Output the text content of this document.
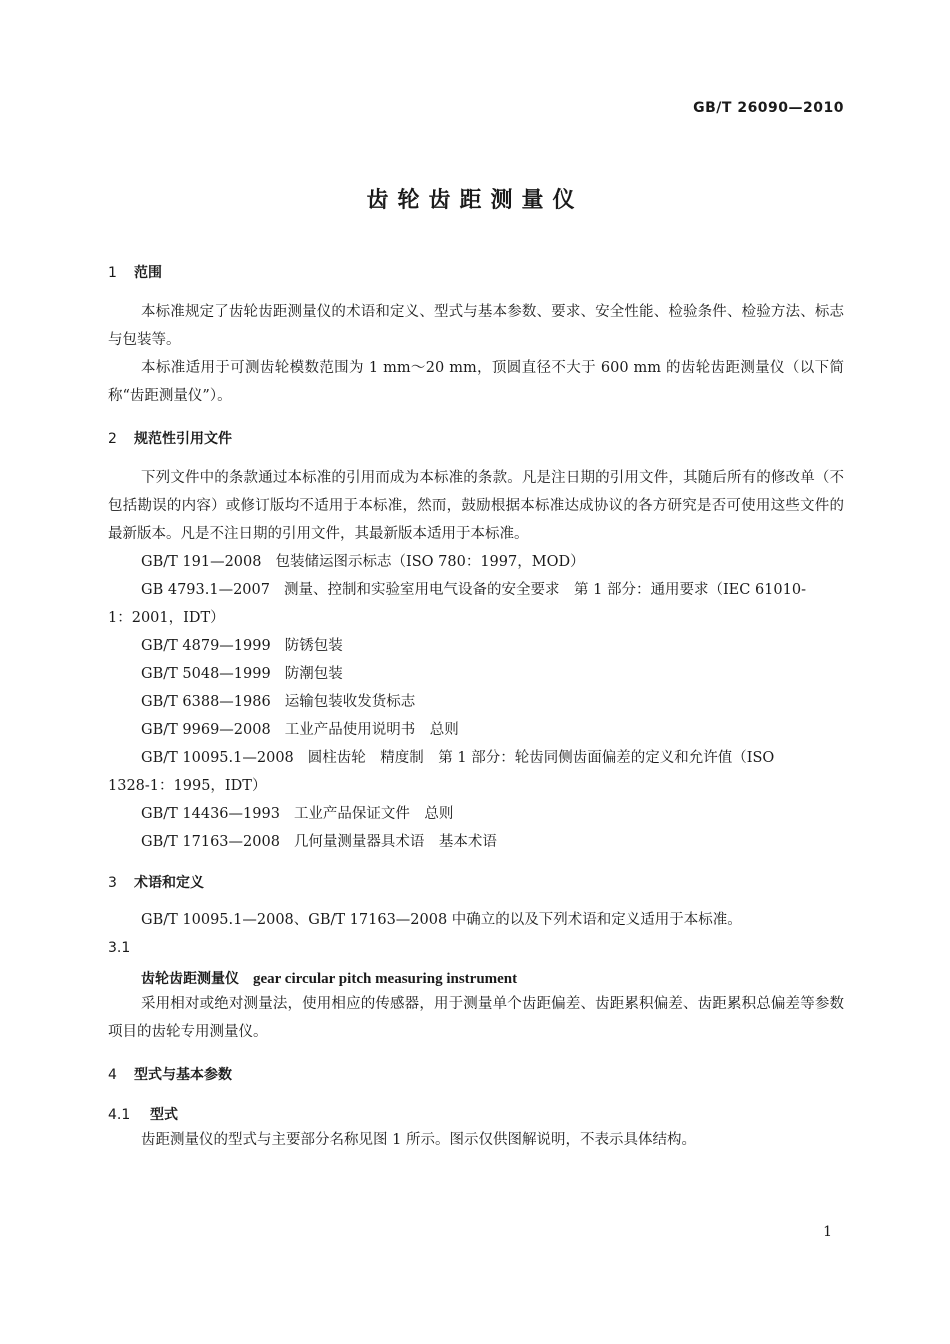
GB/T 26090—2010
齿轮齿距测量仪
1 范围

本标准规定了齿轮齿距测量仪的术语和定义、型式与基本参数、要求、安全性能、检验条件、检验方法、标志与包装等。

本标准适用于可测齿轮模数范围为 1 mm～20 mm，顶圆直径不大于 600 mm 的齿轮齿距测量仪（以下简称“齿距测量仪”）。

2 规范性引用文件

下列文件中的条款通过本标准的引用而成为本标准的条款。凡是注日期的引用文件，其随后所有的修改单（不包括勘误的内容）或修订版均不适用于本标准，然而，鼓励根据本标准达成协议的各方研究是否可使用这些文件的最新版本。凡是不注日期的引用文件，其最新版本适用于本标准。

GB/T 191—2008 包装储运图示标志（ISO 780：1997，MOD）
GB 4793.1—2007 测量、控制和实验室用电气设备的安全要求　第 1 部分：通用要求（IEC 61010-
1：2001，IDT）
GB/T 4879—1999 防锈包装
GB/T 5048—1999 防潮包装
GB/T 6388—1986 运输包装收发货标志
GB/T 9969—2008 工业产品使用说明书　总则
GB/T 10095.1—2008 圆柱齿轮　精度制　第 1 部分：轮齿同侧齿面偏差的定义和允许值（ISO
1328-1：1995，IDT）
GB/T 14436—1993 工业产品保证文件　总则
GB/T 17163—2008 几何量测量器具术语　基本术语
3 术语和定义

GB/T 10095.1—2008、GB/T 17163—2008 中确立的以及下列术语和定义适用于本标准。

3.1
齿轮齿距测量仪 gear circular pitch measuring instrument

采用相对或绝对测量法，使用相应的传感器，用于测量单个齿距偏差、齿距累积偏差、齿距累积总偏差等参数项目的齿轮专用测量仪。

4 型式与基本参数
4.1 型式

齿距测量仪的型式与主要部分名称见图 1 所示。图示仅供图解说明，不表示具体结构。

1
